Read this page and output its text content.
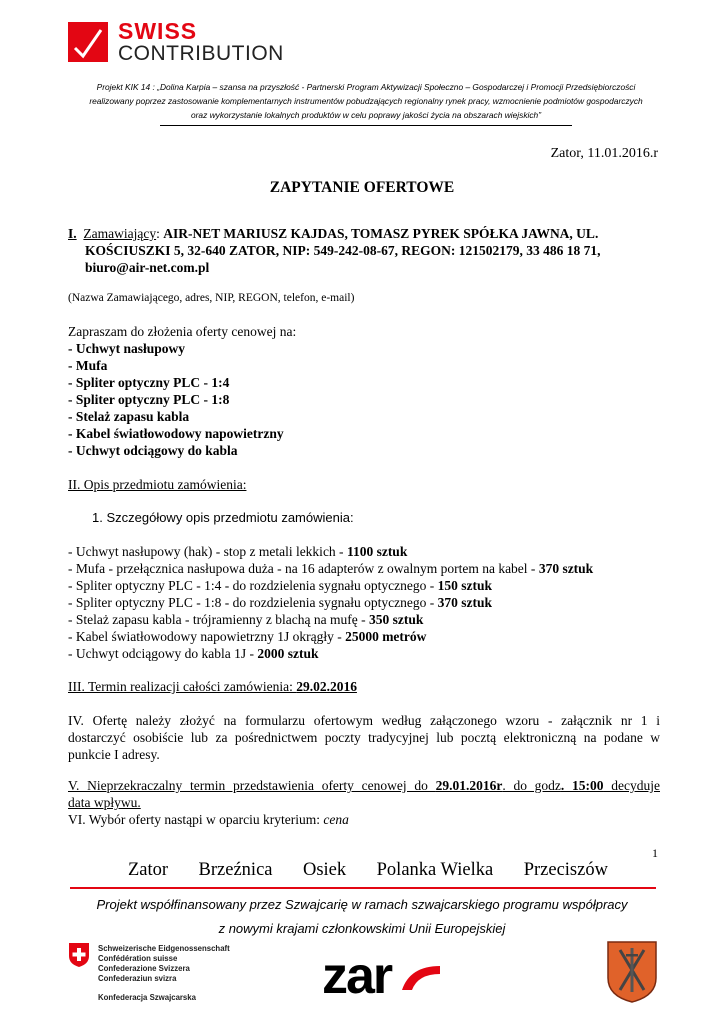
SWISS
CONTRIBUTION
Projekt KIK 14 : „Dolina Karpia – szansa na przyszłość - Partnerski Program Aktywizacji Społeczno – Gospodarczej i Promocji Przedsiębiorczości
realizowany poprzez zastosowanie komplementarnych instrumentów pobudzających regionalny rynek pracy, wzmocnienie podmiotów gospodarczych
oraz wykorzystanie lokalnych produktów w celu poprawy jakości życia na obszarach wiejskich”
Zator, 11.01.2016.r
ZAPYTANIE OFERTOWE
I. Zamawiający: AIR-NET MARIUSZ KAJDAS, TOMASZ PYREK SPÓŁKA JAWNA, UL.
KOŚCIUSZKI 5, 32-640 ZATOR, NIP: 549-242-08-67, REGON: 121502179, 33 486 18 71,
biuro@air-net.com.pl
(Nazwa Zamawiającego, adres, NIP, REGON, telefon, e-mail)
Zapraszam do złożenia oferty cenowej na:
- Uchwyt nasłupowy
- Mufa
- Spliter optyczny PLC - 1:4
- Spliter optyczny PLC - 1:8
- Stelaż zapasu kabla
- Kabel światłowodowy napowietrzny
- Uchwyt odciągowy do kabla
II. Opis przedmiotu zamówienia:
1. Szczegółowy opis przedmiotu zamówienia:
- Uchwyt nasłupowy (hak) - stop z metali lekkich - 1100 sztuk
- Mufa - przełącznica nasłupowa duża - na 16 adapterów z owalnym portem na kabel - 370 sztuk
- Spliter optyczny PLC - 1:4 - do rozdzielenia sygnału optycznego - 150 sztuk
- Spliter optyczny PLC - 1:8 - do rozdzielenia sygnału optycznego - 370 sztuk
- Stelaż zapasu kabla - trójramienny z blachą na mufę - 350 sztuk
- Kabel światłowodowy napowietrzny 1J okrągły - 25000 metrów
- Uchwyt odciągowy do kabla 1J - 2000 sztuk
III. Termin realizacji całości zamówienia: 29.02.2016
IV. Ofertę należy złożyć na formularzu ofertowym według załączonego wzoru - załącznik nr 1 i
dostarczyć osobiście lub za pośrednictwem poczty tradycyjnej lub pocztą elektroniczną na podane w
punkcie I adresy.
V. Nieprzekraczalny termin przedstawienia oferty cenowej do 29.01.2016r. do godz. 15:00 decyduje
data wpływu.
VI. Wybór oferty nastąpi w oparciu kryterium: cena
1
Zator Brzeźnica Osiek Polanka Wielka Przeciszów
Projekt współfinansowany przez Szwajcarię w ramach szwajcarskiego programu współpracy
z nowymi krajami członkowskimi Unii Europejskiej
Schweizerische Eidgenossenschaft
Confédération suisse
Confederazione Svizzera
Confederaziun svizra
Konfederacja Szwajcarska zar
